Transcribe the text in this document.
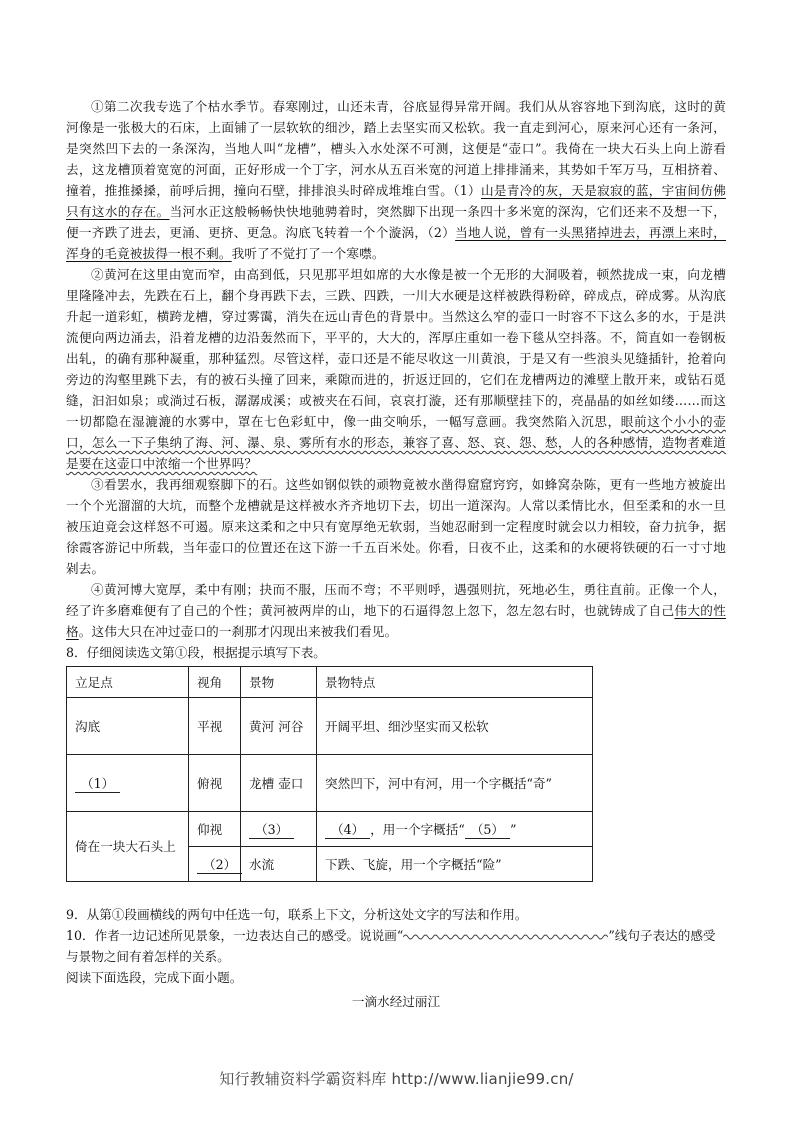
①第二次我专选了个枯水季节。春寒刚过，山还未青，谷底显得异常开阔。我们从从容容地下到沟底，这时的黄河像是一张极大的石床，上面铺了一层软软的细沙，踏上去坚实而又松软。我一直走到河心，原来河心还有一条河，是突然凹下去的一条深沟，当地人叫“龙槽”，槽头入水处深不可测，这便是“壶口”。我倚在一块大石头上向上游看去，这龙槽顶着宽宽的河面，正好形成一个丁字，河水从五百米宽的河道上排排涌来，其势如千军万马，互相挤着、撞着，推推搡搡，前呼后拥，撞向石壁，排排浪头时碎成堆堆白雪。（1）山是青冷的灰，天是寂寂的蓝，宇宙间仿佛只有这水的存在。当河水正这般畅畅快快地驰骋着时，突然脚下出现一条四十多米宽的深沟，它们还来不及想一下，便一齐跌了进去，更涌、更挤、更急。沟底飞转着一个个漩涡，（2）当地人说，曾有一头黑猪掉进去，再漂上来时，浑身的毛竟被拔得一根不剩。我听了不觉打了一个寒噤。

②黄河在这里由宽而窄，由高到低，只见那平坦如席的大水像是被一个无形的大洞吸着，顿然拢成一束，向龙槽里隆隆冲去，先跌在石上，翻个身再跌下去，三跌、四跌，一川大水硬是这样被跌得粉碎，碎成点，碎成雾。从沟底升起一道彩虹，横跨龙槽，穿过雾霭，消失在远山青色的背景中。当然这么窄的壶口一时容不下这么多的水，于是洪流便向两边涌去，沿着龙槽的边沿轰然而下，平平的，大大的，浑厚庄重如一卷下毯从空抖落。不，简直如一卷钢板出轧，的确有那种凝重，那种猛烈。尽管这样，壶口还是不能尽收这一川黄浪，于是又有一些浪头见缝插针，抢着向旁边的沟壑里跳下去，有的被石头撞了回来，乘隙而进的，折返迂回的，它们在龙槽两边的滩壁上散开来，或钻石觅缝，汩汩如泉；或淌过石板，潺潺成溪；或被夹在石间，哀哀打漩，还有那顺壁挂下的，亮晶晶的如丝如缕……而这一切都隐在湿漉漉的水雾中，罩在七色彩虹中，像一曲交响乐，一幅写意画。我突然陷入沉思，眼前这个小小的壶口，怎么一下子集纳了海、河、瀑、泉、雾所有水的形态，兼容了喜、怒、哀、怨、愁，人的各种感情，造物者难道是要在这壶口中浓缩一个世界吗？

③看罢水，我再细观察脚下的石。这些如钢似铁的顽物竟被水凿得窟窟窍窍，如蜂窝杂陈，更有一些地方被旋出一个个光溜溜的大坑，而整个龙槽就是这样被水齐齐地切下去，切出一道深沟。人常以柔情比水，但至柔和的水一旦被压迫竟会这样怒不可遏。原来这柔和之中只有宽厚绝无软弱，当她忍耐到一定程度时就会以力相较，奋力抗争，据徐霞客游记中所载，当年壶口的位置还在这下游一千五百米处。你看，日夜不止，这柔和的水硬将铁硬的石一寸寸地剁去。

④黄河博大宽厚，柔中有刚；抉而不服，压而不弯；不平则呼，遇强则抗，死地必生，勇往直前。正像一个人，经了许多磨难便有了自己的个性；黄河被两岸的山，地下的石逼得忽上忽下，忽左忽右时，也就铸成了自己伟大的性格。这伟大只在冲过壶口的一刹那才闪现出来被我们看见。

8．仔细阅读选文第①段，根据提示填写下表。

立足点	视角	景物	景物特点
沟底	平视	黄河 河谷	开阔平坦、细沙坚实而又松软
（1）	俯视	龙槽 壶口	突然凹下，河中有河，用一个字概括“奇”
倚在一块大石头上	仰视	（3）	（4） ，用一个字概括“ （5） ”
	（2）	水流	下跌、飞旋，用一个字概括“险”

9．从第①段画横线的两句中任选一句，联系上下文，分析这处文字的写法和作用。

10．作者一边记述所见景象，一边表达自己的感受。说说画“	”线句子表达的感受与景物之间有着怎样的关系。

阅读下面选段，完成下面小题。

一滴水经过丽江

知行教辅资料学霸资料库 http://www.lianjie99.cn/
